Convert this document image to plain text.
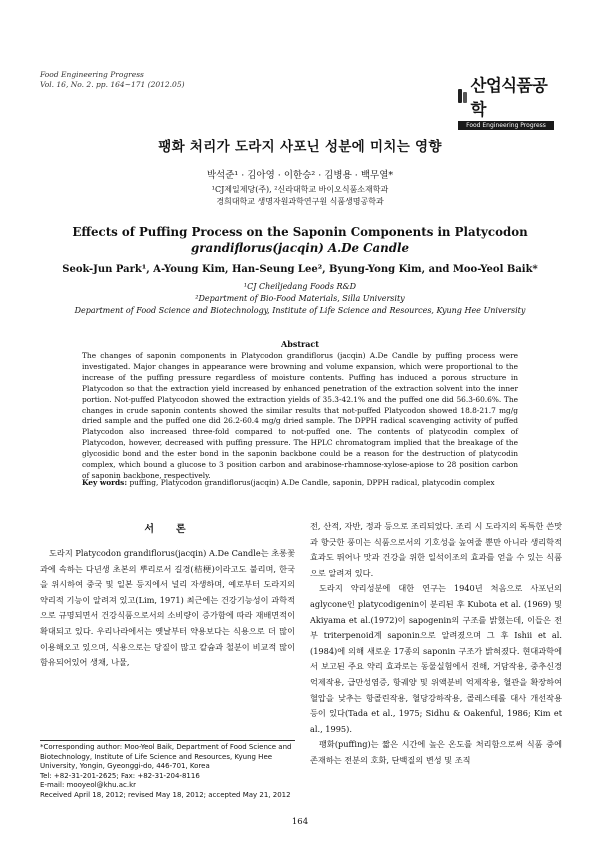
Food Engineering Progress
Vol. 16, No. 2. pp. 164~171 (2012.05)	산업식품공학
Food Engineering Progress
팽화 처리가 도라지 사포닌 성분에 미치는 영향
박석준¹ · 김아영 · 이한승² · 김병용 · 백무열*
¹CJ제일제당(주), ²신라대학교 바이오식품소재학과
경희대학교 생명자원과학연구원 식품생명공학과
Effects of Puffing Process on the Saponin Components in Platycodon
grandiflorus(jacqin) A.De Candle
Seok-Jun Park¹, A-Young Kim, Han-Seung Lee², Byung-Yong Kim, and Moo-Yeol Baik*
¹CJ Cheiljedang Foods R&D
²Department of Bio-Food Materials, Silla University
Department of Food Science and Biotechnology, Institute of Life Science and Resources, Kyung Hee University
Abstract
The changes of saponin components in Platycodon grandiflorus (jacqin) A.De Candle by puffing process were investigated. Major changes in appearance were browning and volume expansion, which were proportional to the increase of the puffing pressure regardless of moisture contents. Puffing has induced a porous structure in Platycodon so that the extraction yield increased by enhanced penetration of the extraction solvent into the inner portion. Not-puffed Platycodon showed the extraction yields of 35.3-42.1% and the puffed one did 56.3-60.6%. The changes in crude saponin contents showed the similar results that not-puffed Platycodon showed 18.8-21.7 mg/g dried sample and the puffed one did 26.2-60.4 mg/g dried sample. The DPPH radical scavenging activity of puffed Platycodon also increased three-fold compared to not-puffed one. The contents of platycodin complex of Platycodon, however, decreased with puffing pressure. The HPLC chromatogram implied that the breakage of the glycosidic bond and the ester bond in the saponin backbone could be a reason for the destruction of platycodin complex, which bound a glucose to 3 position carbon and arabinose-rhamnose-xylose-apiose to 28 position carbon of saponin backbone, respectively.
Key words: puffing, Platycodon grandiflorus(jacqin) A.De Candle, saponin, DPPH radical, platycodin complex
서론

도라지 Platycodon grandiflorus(jacqin) A.De Candle는 초롱꽃 과에 속하는 다년생 초본의 뿌리로서 길경(桔梗)이라고도 불리며, 한국을 위시하여 중국 및 일본 등지에서 널리 자생하며, 예로부터 도라지의 약리적 기능이 알려져 있고(Lim, 1971) 최근에는 건강기능성이 과학적으로 규명되면서 건강식품으로서의 소비량이 증가함에 따라 재배면적이 확대되고 있다. 우리나라에서는 옛날부터 약용보다는 식용으로 더 많이 이용해오고 있으며, 식용으로는 당질이 많고 칼슘과 철분이 비교적 많이 함유되어있어 생채, 나물,

전, 산적, 자반, 정과 등으로 조리되었다. 조리 시 도라지의 독특한 쓴맛과 향긋한 풍미는 식품으로서의 기호성을 높여줄 뿐만 아니라 생리학적 효과도 뛰어나 맛과 건강을 위한 일석이조의 효과를 얻을 수 있는 식품으로 알려져 있다.

도라지 약리성분에 대한 연구는 1940년 처음으로 사포닌의 aglycone인 platycodigenin이 분리된 후 Kubota et al. (1969) 및 Akiyama et al.(1972)이 sapogenin의 구조를 밝혔는데, 이들은 전부 triterpenoid계 saponin으로 알려졌으며 그 후 Ishii et al.(1984)에 의해 새로운 17종의 saponin 구조가 밝혀졌다. 현대과학에서 보고된 주요 약리 효과로는 동물실험에서 진해, 거담작용, 중추신경 억제작용, 급만성염증, 항궤양 및 위액분비 억제작용, 혈관을 확장하여 혈압을 낮추는 항콜린작용, 혈당강하작용, 콜레스테롤 대사 개선작용 등이 있다(Tada et al., 1975; Sidhu & Oakenful, 1986; Kim et al., 1995).

팽화(puffing)는 짧은 시간에 높은 온도를 처리함으로써 식품 중에 존재하는 전분의 호화, 단백질의 변성 및 조직

*Corresponding author: Moo-Yeol Baik, Department of Food Science and Biotechnology, Institute of Life Science and Resources, Kyung Hee University, Yongin, Gyeonggi-do, 446-701, Korea
Tel: +82-31-201-2625; Fax: +82-31-204-8116
E-mail: mooyeol@khu.ac.kr
Received April 18, 2012; revised May 18, 2012; accepted May 21, 2012
164
